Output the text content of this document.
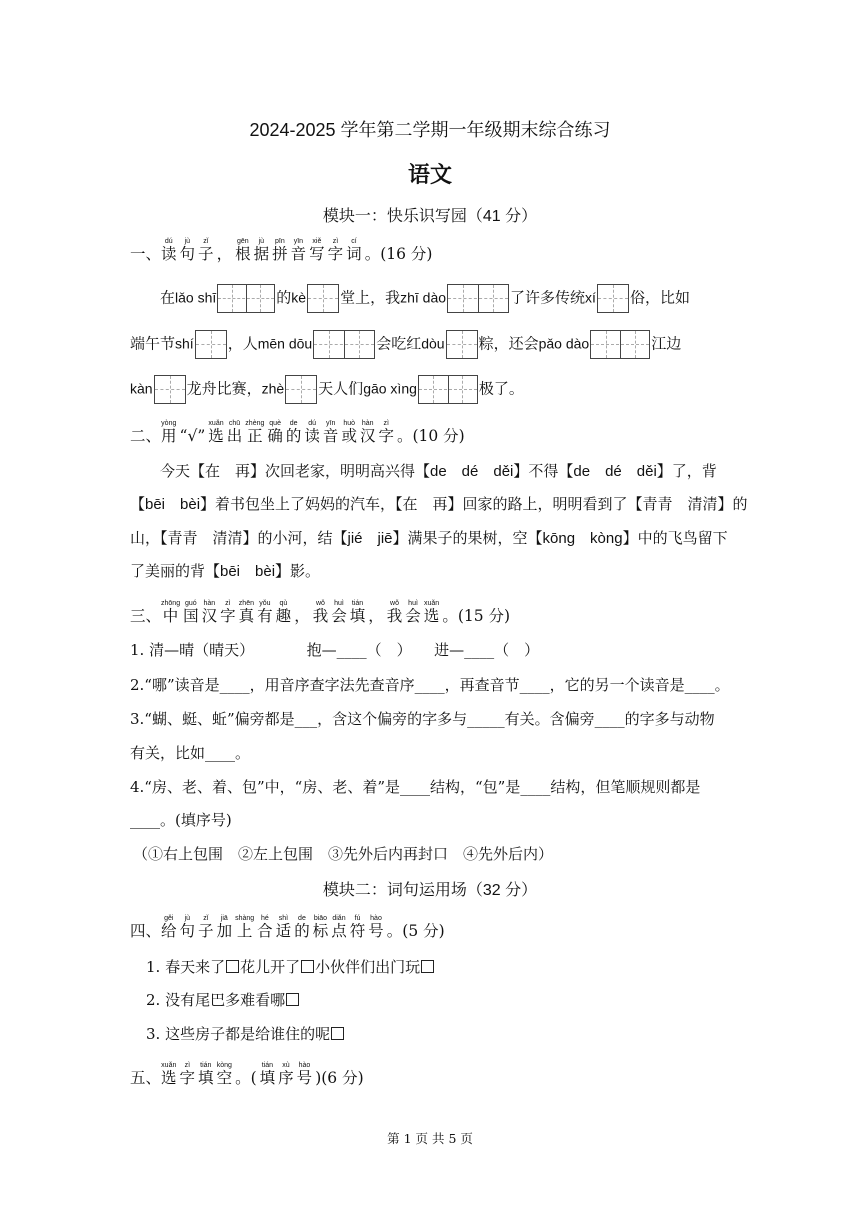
2024-2025 学年第二学期一年级期末综合练习
语文
模块一：快乐识写园（41 分）
一、读dú句jù子zǐ， 根gēn据jù拼pīn音yīn写xiě字zì词cí。(16 分)
在lǎo shī	的kè 堂上，我zhī dào	了许多传统xí 俗，比如
端午节shí ，人mēn dōu	会吃红dòu 粽，还会pǎo dào	江边
kàn 龙舟比赛，zhè 天人们gāo xìng	极了。
二、用yòng“√” 选xuǎn出chū正zhèng确què的de读dú音yīn或huò汉hàn字zì。(10 分)
今天【在　再】次回老家，明明高兴得【de　dé　děi】不得【de　dé　děi】了，背
【bēi　bèi】着书包坐上了妈妈的汽车，【在　再】回家的路上，明明看到了【青青　清清】的
山，【青青　清清】的小河，结【jié　jiē】满果子的果树，空【kōng　kòng】中的飞鸟留下
了美丽的背【bēi　bèi】影。
三、中zhōng国guó汉hàn字zì真zhēn有yǒu趣qù， 我wǒ会huì填tián， 我wǒ会huì选xuǎn。(15 分)
1. 清—晴（晴天）　　　　抱—____（　）　　进—____（　）
2.“哪”读音是____，用音序查字法先查音序____，再查音节____，它的另一个读音是____。
3.“蝴、蜓、蚯”偏旁都是___，含这个偏旁的字多与_____有关。含偏旁____的字多与动物
有关，比如____。
4.“房、老、着、包”中，“房、老、着”是____结构，“包”是____结构，但笔顺规则都是
____。(填序号)
（①右上包围　②左上包围　③先外后内再封口　④先外后内）
模块二：词句运用场（32 分）
四、给gěi句jù子zǐ加jiā上shàng合hé适shì的de标biāo点diǎn符fú号hào。(5 分)
1. 春天来了 花儿开了 小伙伴们出门玩
2. 没有尾巴多难看哪
3. 这些房子都是给谁住的呢
五、选xuǎn字zì填tián空kòng。( 填tián序xù号hào)(6 分)
第 1 页 共 5 页
